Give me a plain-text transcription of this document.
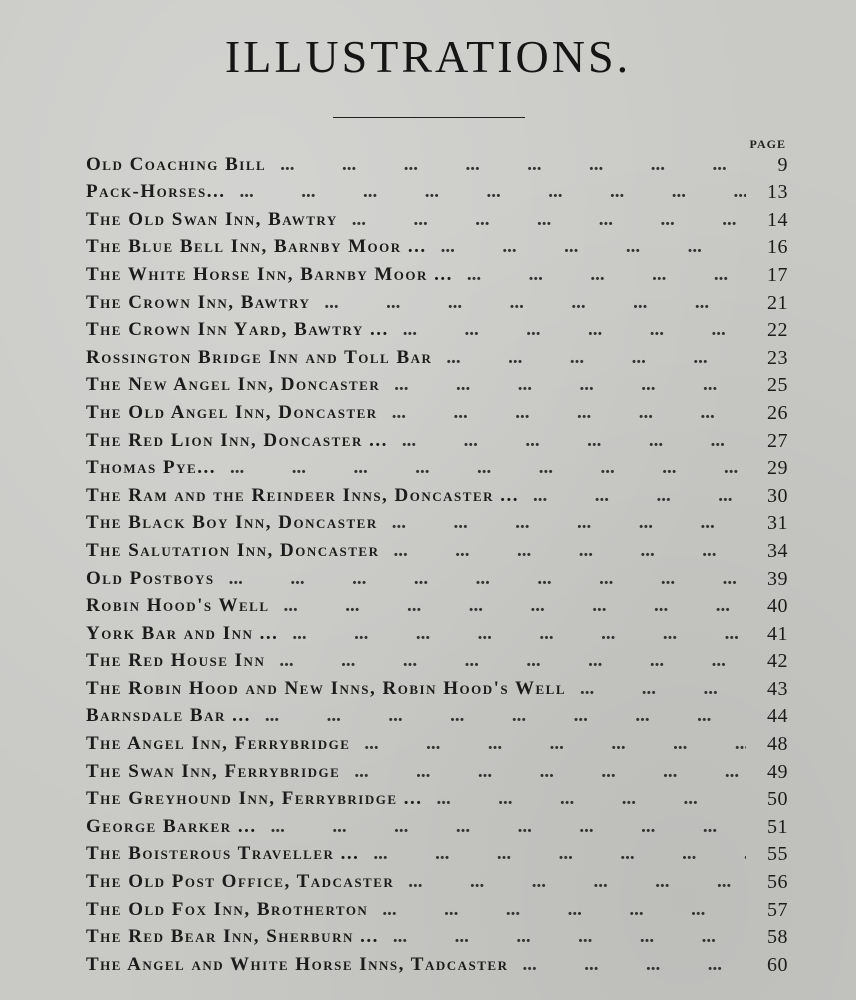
ILLUSTRATIONS.
PAGE
Old Coaching Bill ...	9
Pack-Horses... ...	13
The Old Swan Inn, Bawtry ...	14
The Blue Bell Inn, Barnby Moor ... ...	16
The White Horse Inn, Barnby Moor ... ...	17
The Crown Inn, Bawtry ...	21
The Crown Inn Yard, Bawtry ... ...	22
Rossington Bridge Inn and Toll Bar ...	23
The New Angel Inn, Doncaster ...	25
The Old Angel Inn, Doncaster ...	26
The Red Lion Inn, Doncaster ... ...	27
Thomas Pye... ...	29
The Ram and the Reindeer Inns, Doncaster ... ...	30
The Black Boy Inn, Doncaster ...	31
The Salutation Inn, Doncaster ...	34
Old Postboys ...	39
Robin Hood's Well ...	40
York Bar and Inn ... ...	41
The Red House Inn ...	42
The Robin Hood and New Inns, Robin Hood's Well ...	43
Barnsdale Bar ... ...	44
The Angel Inn, Ferrybridge ...	48
The Swan Inn, Ferrybridge ...	49
The Greyhound Inn, Ferrybridge ... ...	50
George Barker ... ...	51
The Boisterous Traveller ... ...	55
The Old Post Office, Tadcaster ...	56
The Old Fox Inn, Brotherton ...	57
The Red Bear Inn, Sherburn ... ...	58
The Angel and White Horse Inns, Tadcaster ...	60
